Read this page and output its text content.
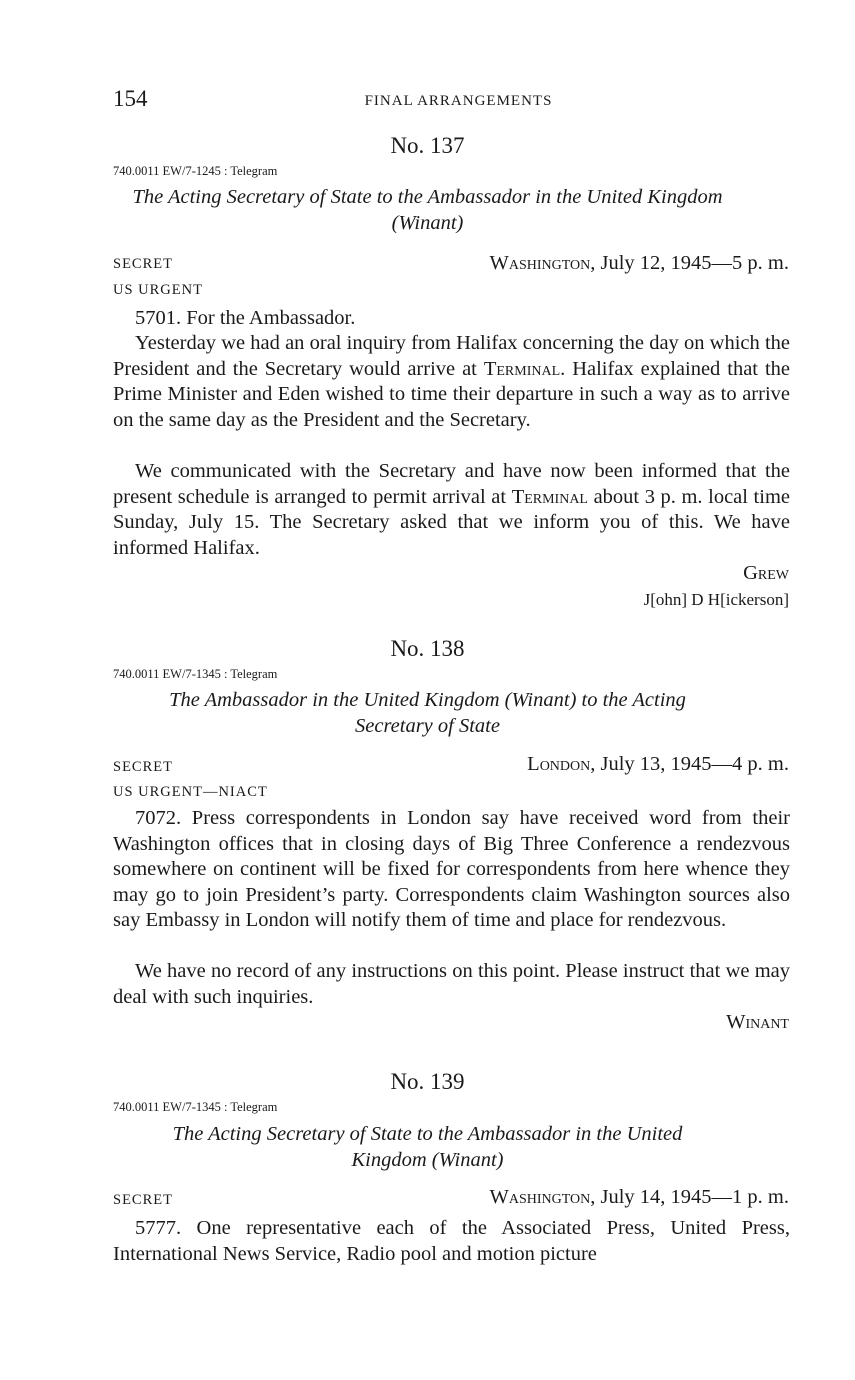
154	FINAL ARRANGEMENTS
No. 137
740.0011 EW/7-1245 : Telegram
The Acting Secretary of State to the Ambassador in the United Kingdom
(Winant)
SECRET
US URGENT
Washington, July 12, 1945—5 p. m.

5701. For the Ambassador.

Yesterday we had an oral inquiry from Halifax concerning the day on which the President and the Secretary would arrive at Terminal. Halifax explained that the Prime Minister and Eden wished to time their departure in such a way as to arrive on the same day as the President and the Secretary.

We communicated with the Secretary and have now been informed that the present schedule is arranged to permit arrival at Terminal about 3 p. m. local time Sunday, July 15. The Secretary asked that we inform you of this. We have informed Halifax.

Grew
J[ohn] D H[ickerson]
No. 138
740.0011 EW/7-1345 : Telegram
The Ambassador in the United Kingdom (Winant) to the Acting
Secretary of State
SECRET
US URGENT—NIACT
London, July 13, 1945—4 p. m.

7072. Press correspondents in London say have received word from their Washington offices that in closing days of Big Three Conference a rendezvous somewhere on continent will be fixed for correspondents from here whence they may go to join President’s party. Correspondents claim Washington sources also say Embassy in London will notify them of time and place for rendezvous.

We have no record of any instructions on this point. Please instruct that we may deal with such inquiries.

Winant
No. 139
740.0011 EW/7-1345 : Telegram
The Acting Secretary of State to the Ambassador in the United
Kingdom (Winant)
SECRET	Washington, July 14, 1945—1 p. m.

5777. One representative each of the Associated Press, United Press, International News Service, Radio pool and motion picture
